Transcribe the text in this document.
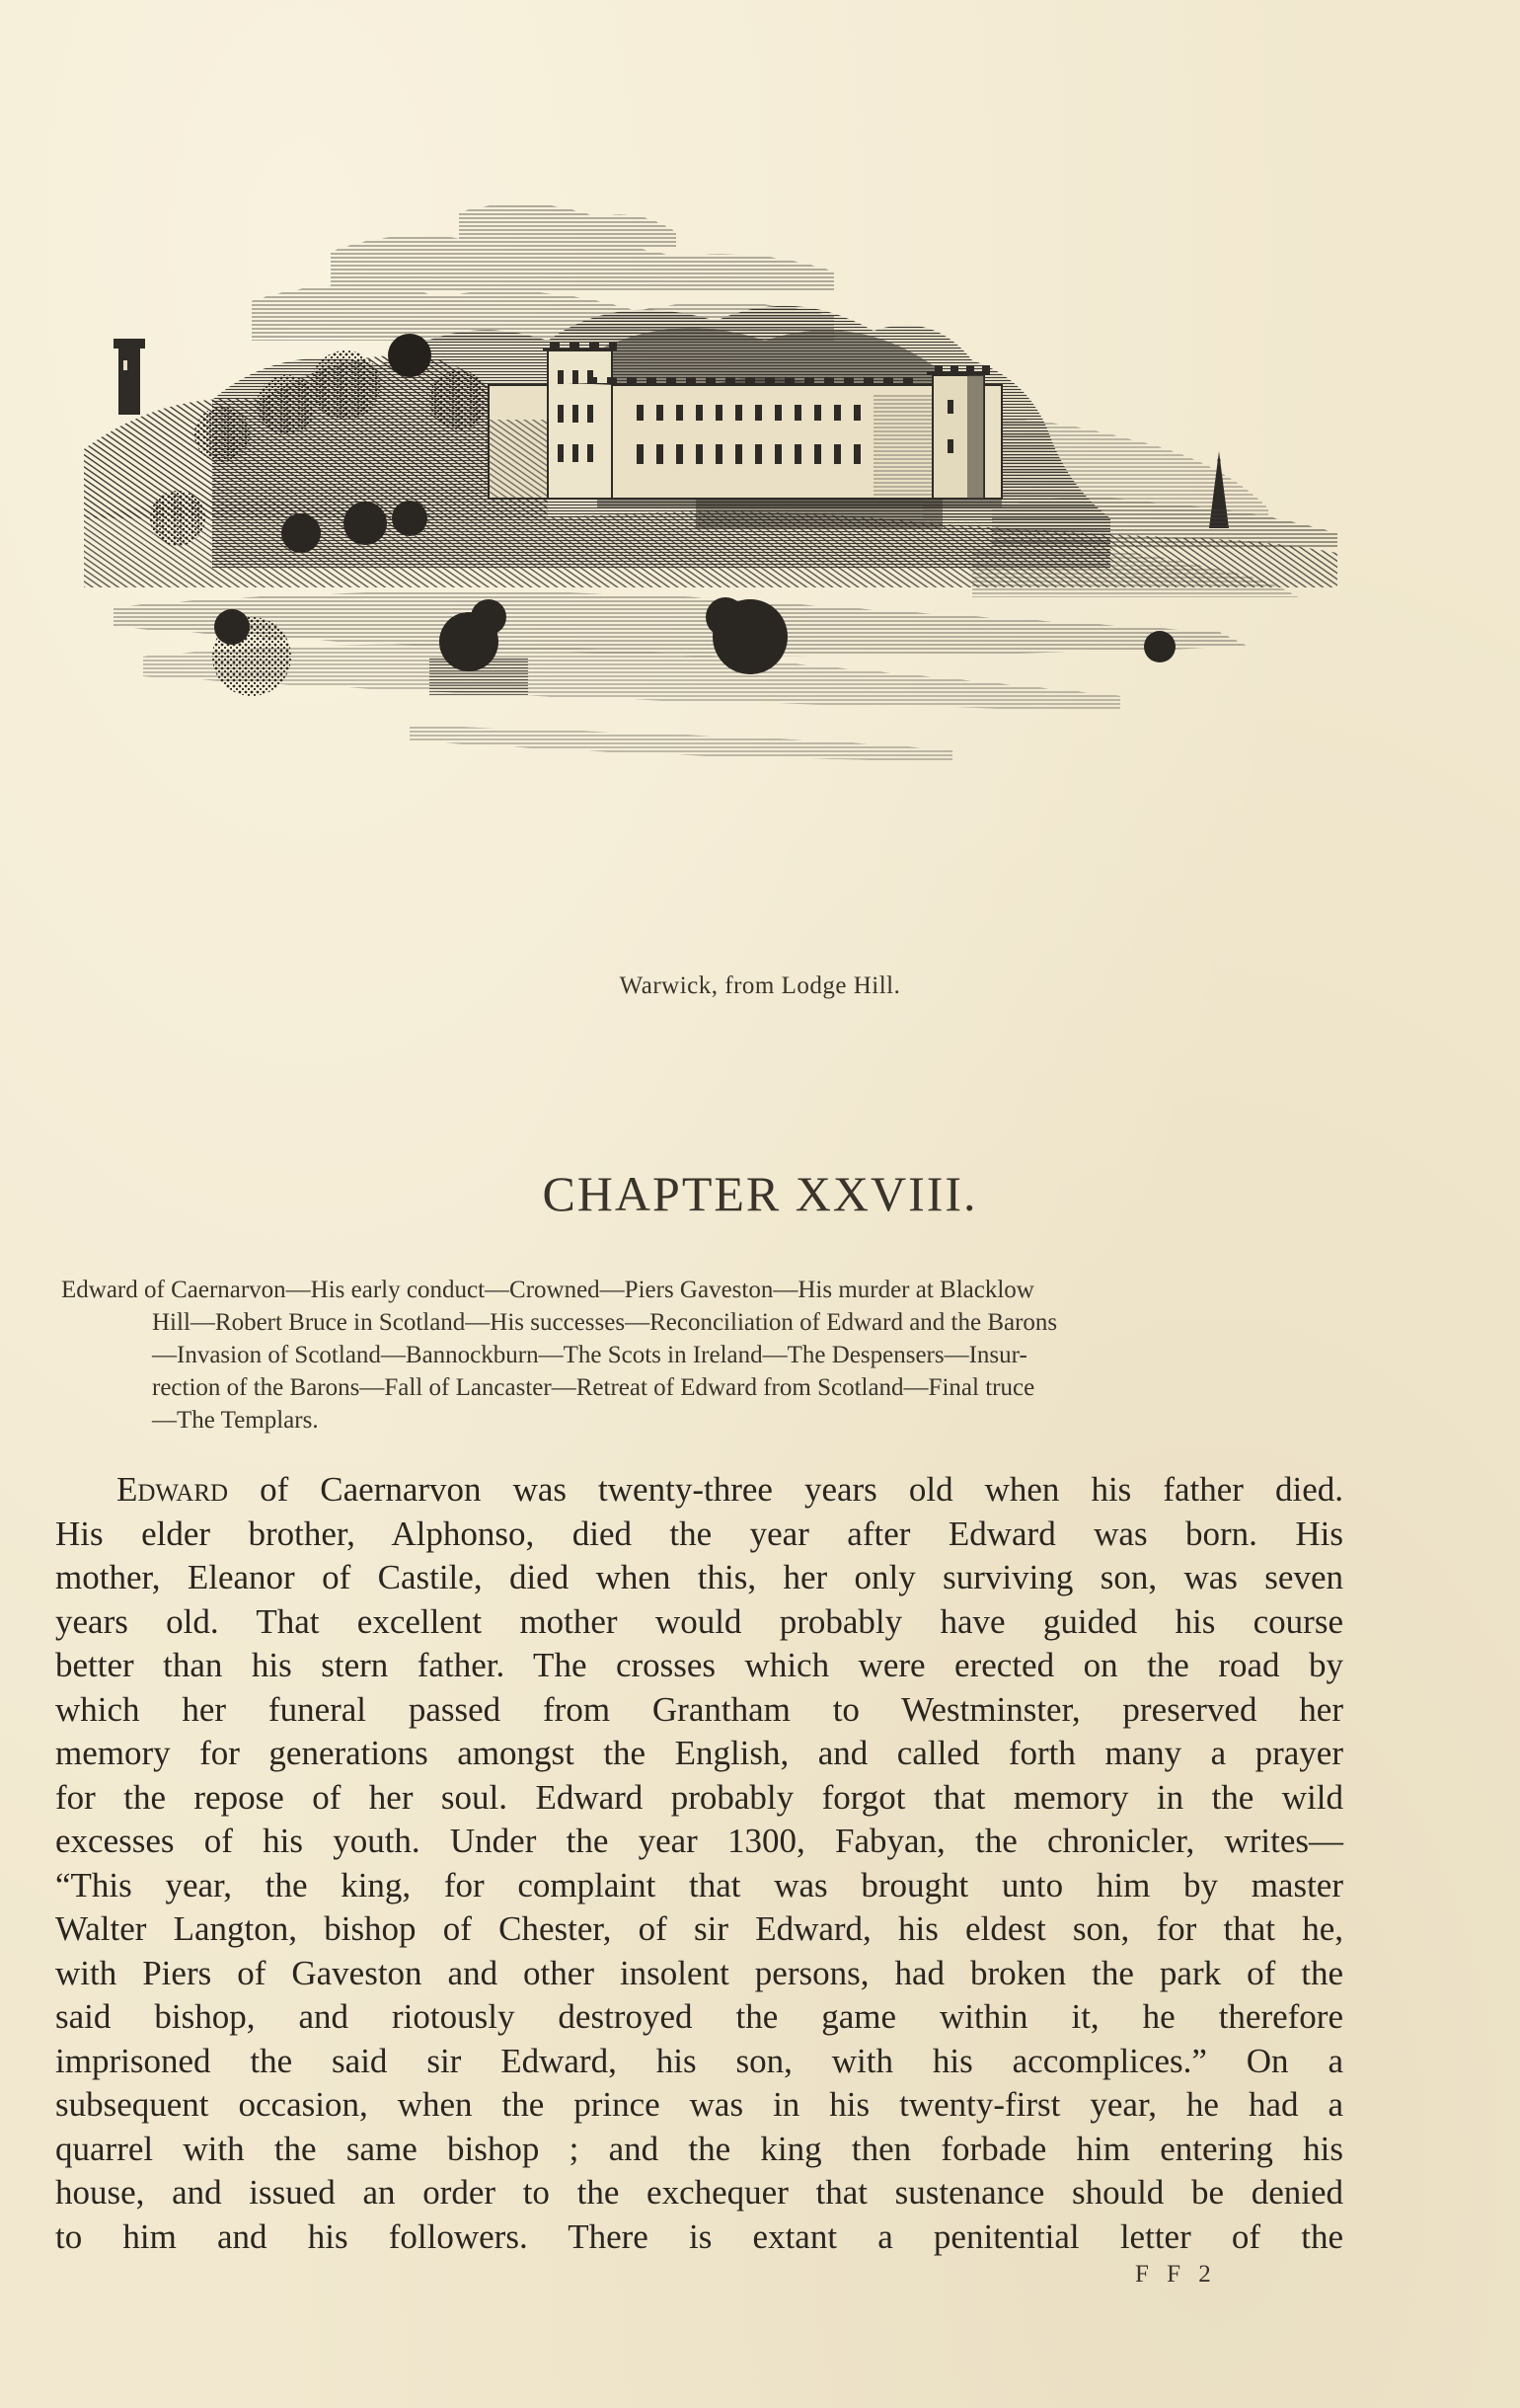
Warwick, from Lodge Hill.
CHAPTER XXVIII.
Edward of Caernarvon—His early conduct—Crowned—Piers Gaveston—His murder at Blacklow
Hill—Robert Bruce in Scotland—His successes—Reconciliation of Edward and the Barons
—Invasion of Scotland—Bannockburn—The Scots in Ireland—The Despensers—Insur-
rection of the Barons—Fall of Lancaster—Retreat of Edward from Scotland—Final truce
—The Templars.
Edward of Caernarvon was twenty-three years old when his father died.
His elder brother, Alphonso, died the year after Edward was born. His
mother, Eleanor of Castile, died when this, her only surviving son, was seven
years old. That excellent mother would probably have guided his course
better than his stern father. The crosses which were erected on the road by
which her funeral passed from Grantham to Westminster, preserved her
memory for generations amongst the English, and called forth many a prayer
for the repose of her soul. Edward probably forgot that memory in the wild
excesses of his youth. Under the year 1300, Fabyan, the chronicler, writes—
“This year, the king, for complaint that was brought unto him by master
Walter Langton, bishop of Chester, of sir Edward, his eldest son, for that he,
with Piers of Gaveston and other insolent persons, had broken the park of the
said bishop, and riotously destroyed the game within it, he therefore
imprisoned the said sir Edward, his son, with his accomplices.” On a
subsequent occasion, when the prince was in his twenty-first year, he had a
quarrel with the same bishop ; and the king then forbade him entering his
house, and issued an order to the exchequer that sustenance should be denied
to him and his followers. There is extant a penitential letter of the
F F 2
